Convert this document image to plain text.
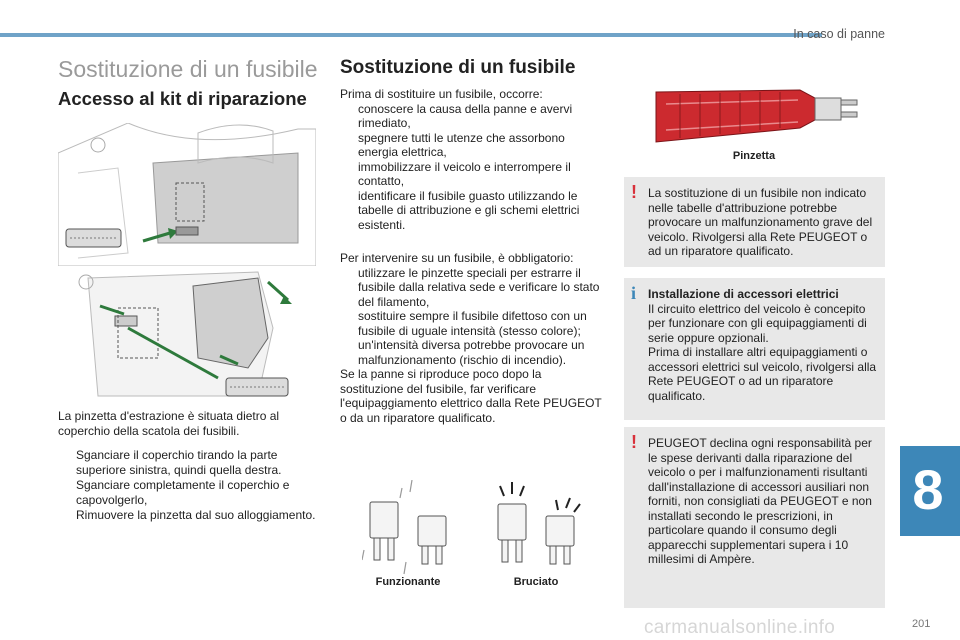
In caso di panne
8
201
carmanualsonline.info
Sostituzione di un fusibile
Accesso al kit di riparazione

La pinzetta d'estrazione è situata dietro al coperchio della scatola dei fusibili.

Sganciare il coperchio tirando la parte superiore sinistra, quindi quella destra.
Sganciare completamente il coperchio e capovolgerlo,
Rimuovere la pinzetta dal suo alloggiamento.
Sostituzione di un fusibile

Prima di sostituire un fusibile, occorre:

conoscere la causa della panne e avervi rimediato,
spegnere tutti le utenze che assorbono energia elettrica,
immobilizzare il veicolo e interrompere il contatto,
identificare il fusibile guasto utilizzando le tabelle di attribuzione e gli schemi elettrici esistenti.

Per intervenire su un fusibile, è obbligatorio:

utilizzare le pinzette speciali per estrarre il fusibile dalla relativa sede e verificare lo stato del filamento,
sostituire sempre il fusibile difettoso con un fusibile di uguale intensità (stesso colore); un'intensità diversa potrebbe provocare un malfunzionamento (rischio di incendio).

Se la panne si riproduce poco dopo la sostituzione del fusibile, far verificare l'equipaggiamento elettrico dalla Rete PEUGEOT o da un riparatore qualificato.

Funzionante	Bruciato
Pinzetta
! La sostituzione di un fusibile non indicato nelle tabelle d'attribuzione potrebbe provocare un malfunzionamento grave del veicolo. Rivolgersi alla Rete PEUGEOT o ad un riparatore qualificato.

i Installazione di accessori elettrici

Il circuito elettrico del veicolo è concepito per funzionare con gli equipaggiamenti di serie oppure opzionali.
Prima di installare altri equipaggiamenti o accessori elettrici sul veicolo, rivolgersi alla Rete PEUGEOT o ad un riparatore qualificato.

! PEUGEOT declina ogni responsabilità per le spese derivanti dalla riparazione del veicolo o per i malfunzionamenti risultanti dall'installazione di accessori ausiliari non forniti, non consigliati da PEUGEOT e non installati secondo le prescrizioni, in particolare quando il consumo degli apparecchi supplementari supera i 10 millesimi di Ampère.
